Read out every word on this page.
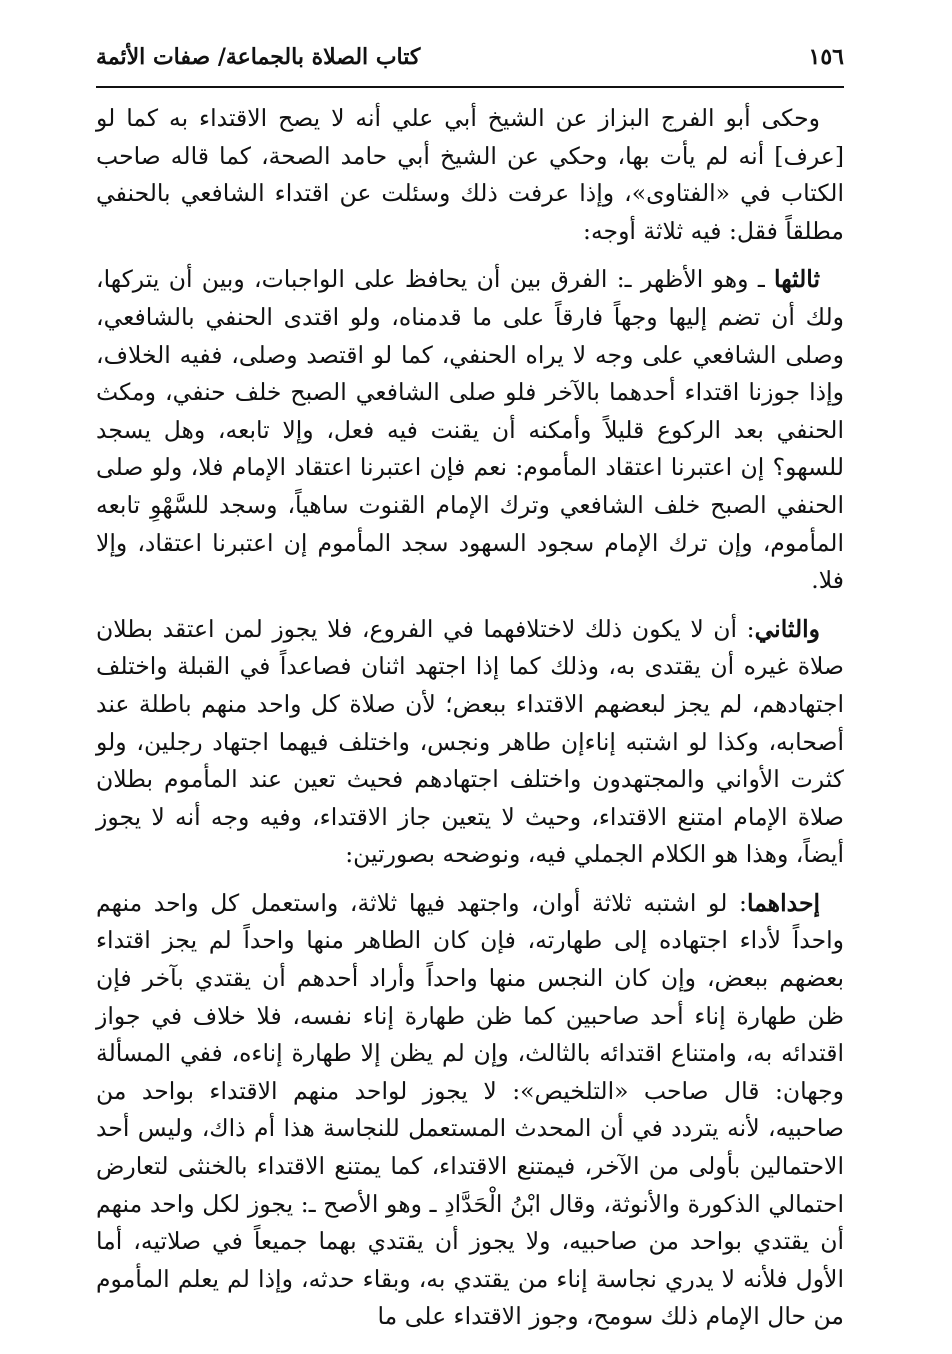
١٥٦
كتاب الصلاة بالجماعة/ صفات الأئمة

وحكى أبو الفرج البزاز عن الشيخ أبي علي أنه لا يصح الاقتداء به كما لو [عرف] أنه لم يأت بها، وحكي عن الشيخ أبي حامد الصحة، كما قاله صاحب الكتاب في «الفتاوى»، وإذا عرفت ذلك وسئلت عن اقتداء الشافعي بالحنفي مطلقاً فقل: فيه ثلاثة أوجه:

ثالثها ـ وهو الأظهر ـ: الفرق بين أن يحافظ على الواجبات، وبين أن يتركها، ولك أن تضم إليها وجهاً فارقاً على ما قدمناه، ولو اقتدى الحنفي بالشافعي، وصلى الشافعي على وجه لا يراه الحنفي، كما لو اقتصد وصلى، ففيه الخلاف، وإذا جوزنا اقتداء أحدهما بالآخر فلو صلى الشافعي الصبح خلف حنفي، ومكث الحنفي بعد الركوع قليلاً وأمكنه أن يقنت فيه فعل، وإلا تابعه، وهل يسجد للسهو؟ إن اعتبرنا اعتقاد المأموم: نعم فإن اعتبرنا اعتقاد الإمام فلا، ولو صلى الحنفي الصبح خلف الشافعي وترك الإمام القنوت ساهياً، وسجد للسَّهْوِ تابعه المأموم، وإن ترك الإمام سجود السهود سجد المأموم إن اعتبرنا اعتقاد، وإلا فلا.

والثاني: أن لا يكون ذلك لاختلافهما في الفروع، فلا يجوز لمن اعتقد بطلان صلاة غيره أن يقتدى به، وذلك كما إذا اجتهد اثنان فصاعداً في القبلة واختلف اجتهادهم، لم يجز لبعضهم الاقتداء ببعض؛ لأن صلاة كل واحد منهم باطلة عند أصحابه، وكذا لو اشتبه إناءإن طاهر ونجس، واختلف فيهما اجتهاد رجلين، ولو كثرت الأواني والمجتهدون واختلف اجتهادهم فحيث تعين عند المأموم بطلان صلاة الإمام امتنع الاقتداء، وحيث لا يتعين جاز الاقتداء، وفيه وجه أنه لا يجوز أيضاً، وهذا هو الكلام الجملي فيه، ونوضحه بصورتين:

إحداهما: لو اشتبه ثلاثة أوان، واجتهد فيها ثلاثة، واستعمل كل واحد منهم واحداً لأداء اجتهاده إلى طهارته، فإن كان الطاهر منها واحداً لم يجز اقتداء بعضهم ببعض، وإن كان النجس منها واحداً وأراد أحدهم أن يقتدي بآخر فإن ظن طهارة إناء أحد صاحبين كما ظن طهارة إناء نفسه، فلا خلاف في جواز اقتدائه به، وامتناع اقتدائه بالثالث، وإن لم يظن إلا طهارة إناءه، ففي المسألة وجهان: قال صاحب «التلخيص»: لا يجوز لواحد منهم الاقتداء بواحد من صاحبيه، لأنه يتردد في أن المحدث المستعمل للنجاسة هذا أم ذاك، وليس أحد الاحتمالين بأولى من الآخر، فيمتنع الاقتداء، كما يمتنع الاقتداء بالخنثى لتعارض احتمالي الذكورة والأنوثة، وقال ابْنُ الْحَدَّادِ ـ وهو الأصح ـ: يجوز لكل واحد منهم أن يقتدي بواحد من صاحبيه، ولا يجوز أن يقتدي بهما جميعاً في صلاتيه، أما الأول فلأنه لا يدري نجاسة إناء من يقتدي به، وبقاء حدثه، وإذا لم يعلم المأموم من حال الإمام ذلك سومح، وجوز الاقتداء على ما
